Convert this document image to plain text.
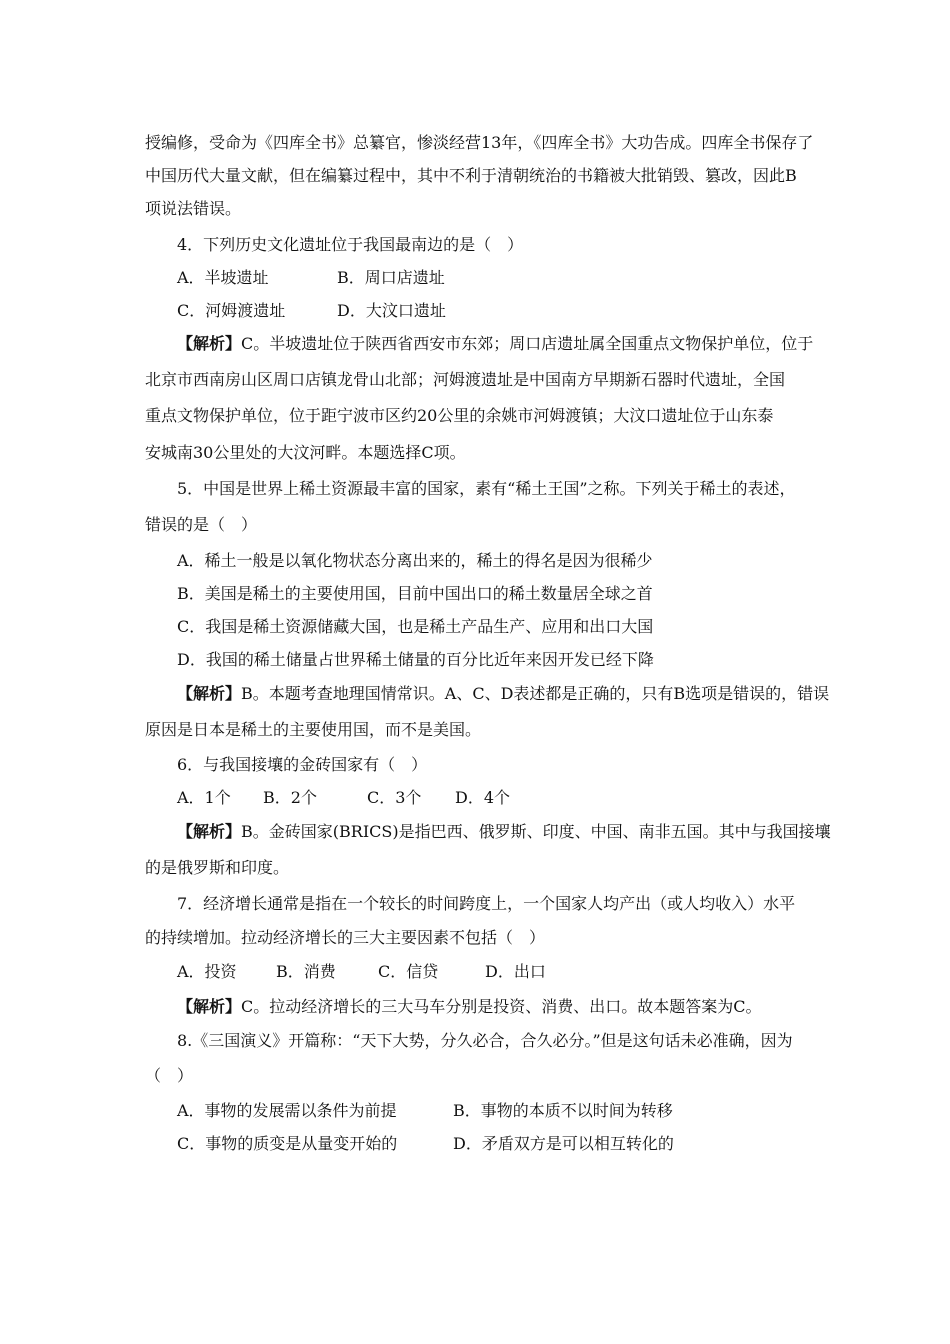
授编修，受命为《四库全书》总纂官，惨淡经营13年，《四库全书》大功告成。四库全书保存了
中国历代大量文献，但在编纂过程中，其中不利于清朝统治的书籍被大批销毁、篡改，因此B
项说法错误。
4．下列历史文化遗址位于我国最南边的是（　）
A．半坡遗址	B．周口店遗址
C．河姆渡遗址	D．大汶口遗址
【解析】C。半坡遗址位于陕西省西安市东郊；周口店遗址属全国重点文物保护单位，位于
北京市西南房山区周口店镇龙骨山北部；河姆渡遗址是中国南方早期新石器时代遗址，全国
重点文物保护单位，位于距宁波市区约20公里的余姚市河姆渡镇；大汶口遗址位于山东泰
安城南30公里处的大汶河畔。本题选择C项。
5．中国是世界上稀土资源最丰富的国家，素有“稀土王国”之称。下列关于稀土的表述，
错误的是（　）
A．稀土一般是以氧化物状态分离出来的，稀土的得名是因为很稀少
B．美国是稀土的主要使用国，目前中国出口的稀土数量居全球之首
C．我国是稀土资源储藏大国，也是稀土产品生产、应用和出口大国
D．我国的稀土储量占世界稀土储量的百分比近年来因开发已经下降
【解析】B。本题考查地理国情常识。A、C、D表述都是正确的，只有B选项是错误的，错误
原因是日本是稀土的主要使用国，而不是美国。
6．与我国接壤的金砖国家有（　）
A．1个 B．2个	C．3个 D．4个
【解析】B。金砖国家(BRICS)是指巴西、俄罗斯、印度、中国、南非五国。其中与我国接壤
的是俄罗斯和印度。
7．经济增长通常是指在一个较长的时间跨度上，一个国家人均产出（或人均收入）水平
的持续增加。拉动经济增长的三大主要因素不包括（　）
A．投资 B．消费	C．信贷	D．出口
【解析】C。拉动经济增长的三大马车分别是投资、消费、出口。故本题答案为C。
8.《三国演义》开篇称：“天下大势，分久必合，合久必分。”但是这句话未必准确，因为
（　）
A．事物的发展需以条件为前提	B．事物的本质不以时间为转移
C．事物的质变是从量变开始的	D．矛盾双方是可以相互转化的
